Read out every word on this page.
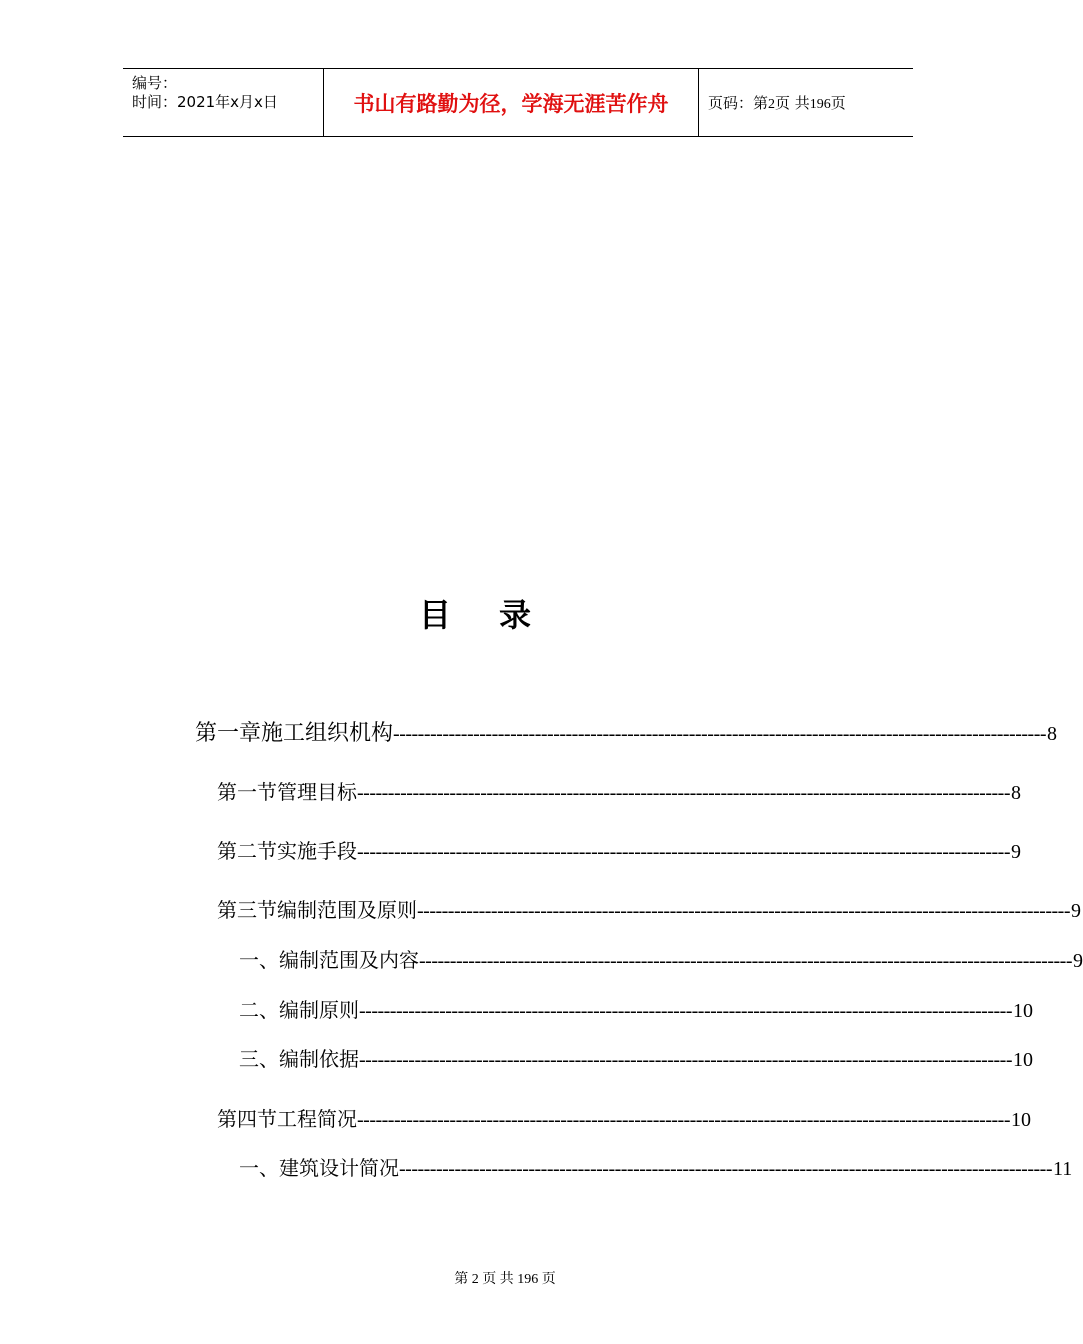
编号：
时间：2021年x月x日	书山有路勤为径，学海无涯苦作舟	页码：第2页 共196页
目录
第一章 施工组织机构 ---------------------------------------------------------------------------------------------------------- 8
第一节 管理目标 ---------------------------------------------------------------------------------------------------------- 8
第二节 实施手段 ---------------------------------------------------------------------------------------------------------- 9
第三节 编制范围及原则 ---------------------------------------------------------------------------------------------------------- 9
一、 编制范围及内容 ---------------------------------------------------------------------------------------------------------- 9
二、 编制原则 ---------------------------------------------------------------------------------------------------------- 10
三、 编制依据 ---------------------------------------------------------------------------------------------------------- 10
第四节 工程简况 ---------------------------------------------------------------------------------------------------------- 10
一、 建筑设计简况 ---------------------------------------------------------------------------------------------------------- 11
第 2 页 共 196 页
